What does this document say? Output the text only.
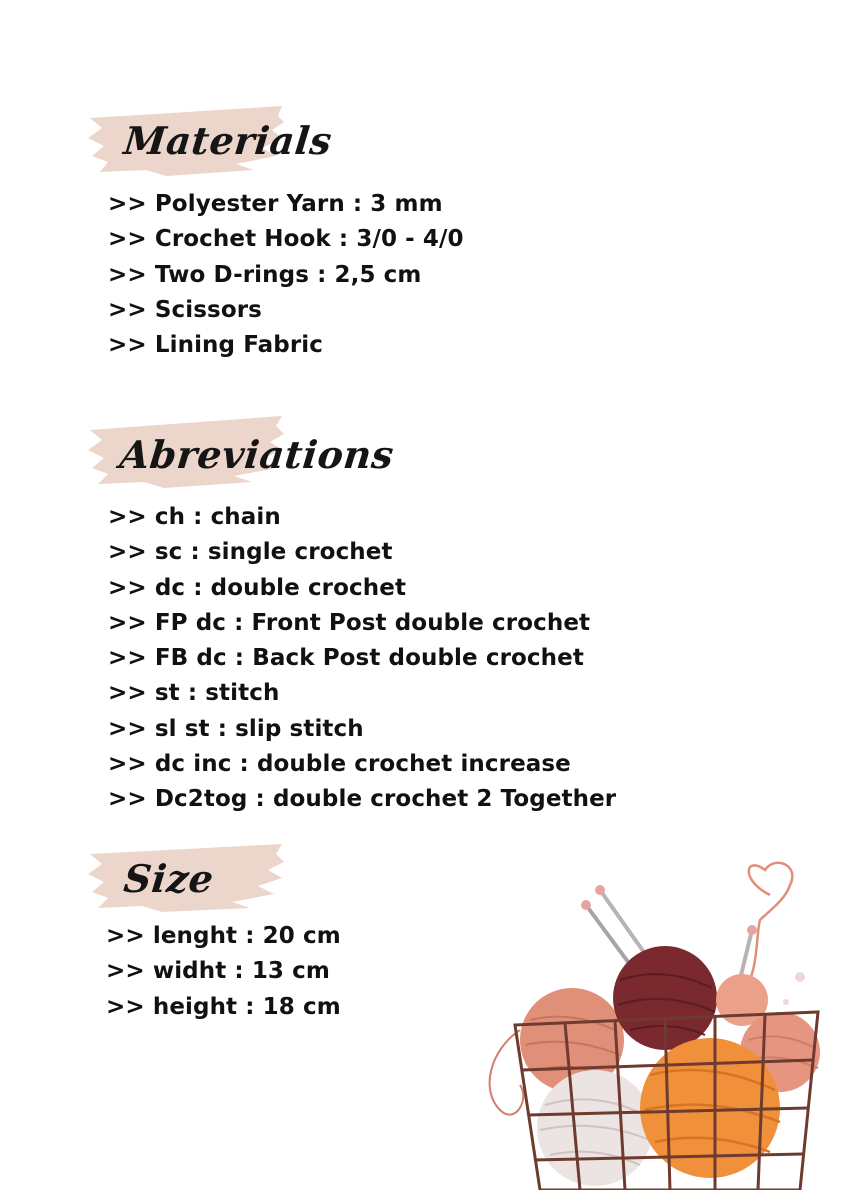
Materials
>> Polyester Yarn : 3 mm
>> Crochet Hook : 3/0 - 4/0
>> Two D-rings : 2,5 cm
>> Scissors
>> Lining Fabric
Abreviations
>> ch : chain
>> sc : single crochet
>> dc : double crochet
>> FP dc : Front Post double crochet
>> FB dc : Back Post double crochet
>> st : stitch
>> sl st : slip stitch
>> dc inc : double crochet increase
>> Dc2tog : double crochet 2 Together
Size
>> lenght : 20 cm
>> widht : 13 cm
>> height : 18 cm
